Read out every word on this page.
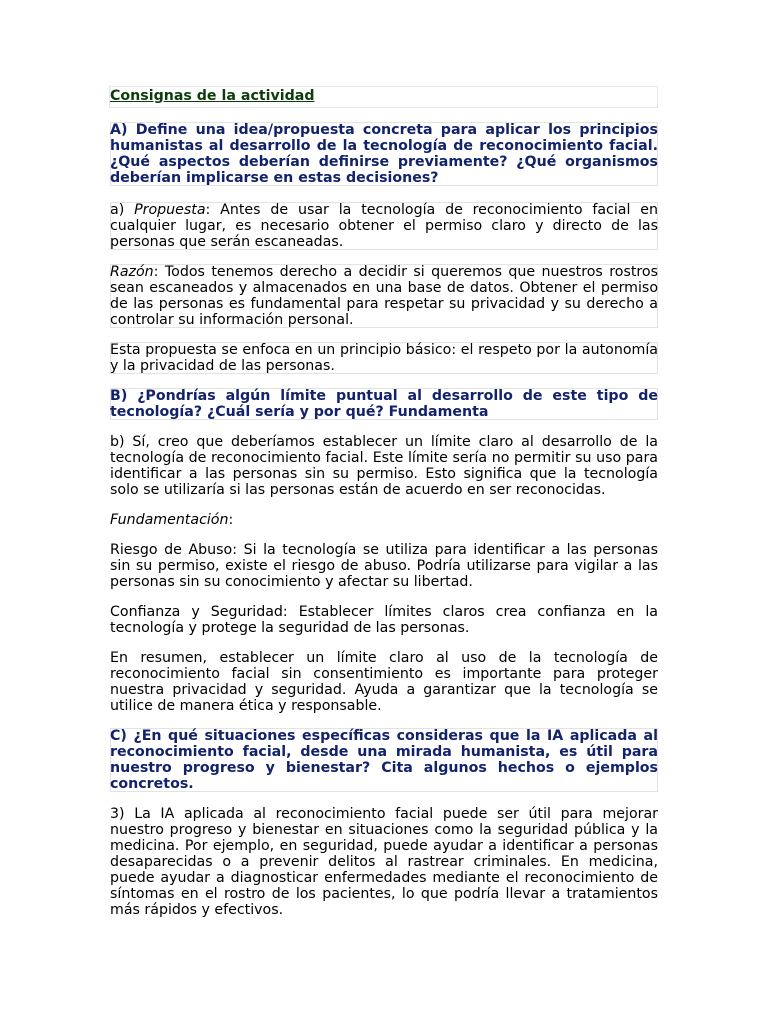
Consignas de la actividad

A) Define una idea/propuesta concreta para aplicar los principios humanistas al desarrollo de la tecnología de reconocimiento facial. ¿Qué aspectos deberían definirse previamente? ¿Qué organismos deberían implicarse en estas decisiones?

a) Propuesta: Antes de usar la tecnología de reconocimiento facial en cualquier lugar, es necesario obtener el permiso claro y directo de las personas que serán escaneadas.

Razón: Todos tenemos derecho a decidir si queremos que nuestros rostros sean escaneados y almacenados en una base de datos. Obtener el permiso de las personas es fundamental para respetar su privacidad y su derecho a controlar su información personal.

Esta propuesta se enfoca en un principio básico: el respeto por la autonomía y la privacidad de las personas.

B) ¿Pondrías algún límite puntual al desarrollo de este tipo de tecnología? ¿Cuál sería y por qué? Fundamenta

b) Sí, creo que deberíamos establecer un límite claro al desarrollo de la tecnología de reconocimiento facial. Este límite sería no permitir su uso para identificar a las personas sin su permiso. Esto significa que la tecnología solo se utilizaría si las personas están de acuerdo en ser reconocidas.

Fundamentación:

Riesgo de Abuso: Si la tecnología se utiliza para identificar a las personas sin su permiso, existe el riesgo de abuso. Podría utilizarse para vigilar a las personas sin su conocimiento y afectar su libertad.

Confianza y Seguridad: Establecer límites claros crea confianza en la tecnología y protege la seguridad de las personas.

En resumen, establecer un límite claro al uso de la tecnología de reconocimiento facial sin consentimiento es importante para proteger nuestra privacidad y seguridad. Ayuda a garantizar que la tecnología se utilice de manera ética y responsable.

C) ¿En qué situaciones específicas consideras que la IA aplicada al reconocimiento facial, desde una mirada humanista, es útil para nuestro progreso y bienestar? Cita algunos hechos o ejemplos concretos.

3) La IA aplicada al reconocimiento facial puede ser útil para mejorar nuestro progreso y bienestar en situaciones como la seguridad pública y la medicina. Por ejemplo, en seguridad, puede ayudar a identificar a personas desaparecidas o a prevenir delitos al rastrear criminales. En medicina, puede ayudar a diagnosticar enfermedades mediante el reconocimiento de síntomas en el rostro de los pacientes, lo que podría llevar a tratamientos más rápidos y efectivos.
